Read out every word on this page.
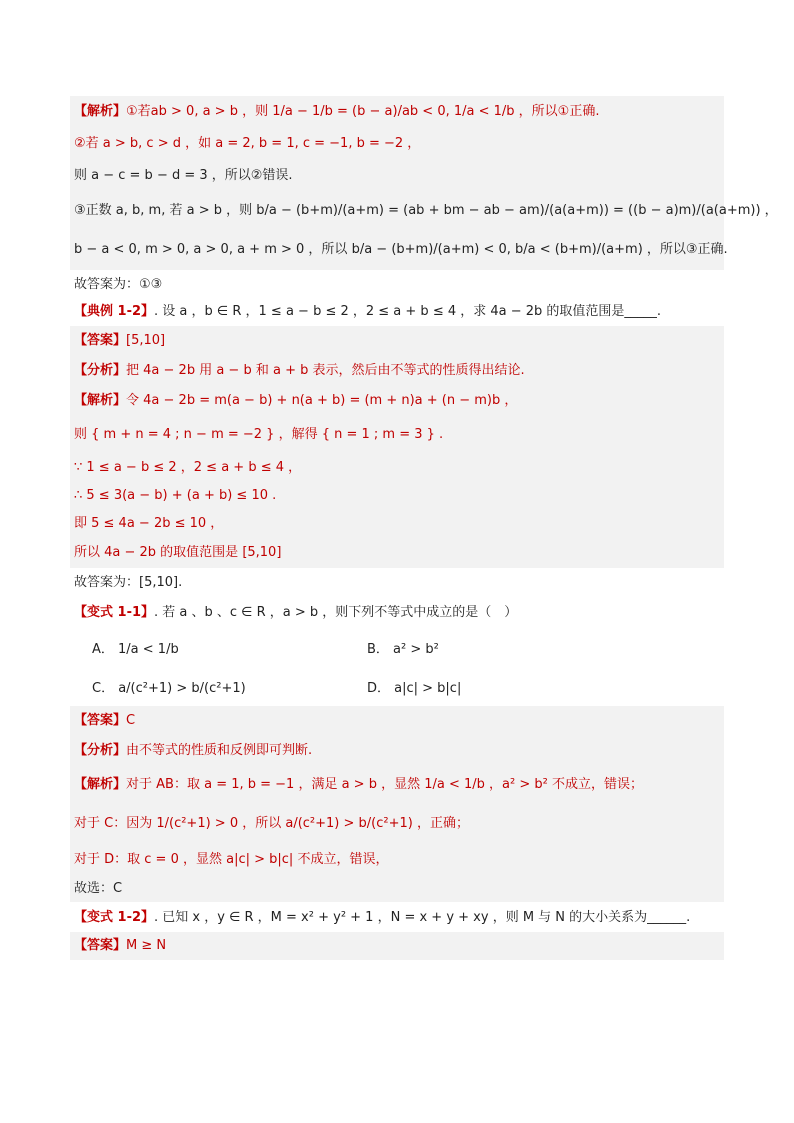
【解析】①若ab > 0, a > b ，则 1/a − 1/b = (b − a)/ab < 0, 1/a < 1/b ，所以①正确.
②若 a > b, c > d ，如 a = 2, b = 1, c = −1, b = −2 ，
则 a − c = b − d = 3 ，所以②错误.
③正数 a, b, m, 若 a > b ，则 b/a − (b+m)/(a+m) = (ab + bm − ab − am)/(a(a+m)) = ((b − a)m)/(a(a+m)) ，
b − a < 0, m > 0, a > 0, a + m > 0 ，所以 b/a − (b+m)/(a+m) < 0, b/a < (b+m)/(a+m) ，所以③正确.
故答案为：①③
【典例 1-2】. 设 a ，b ∈ R ，1 ≤ a − b ≤ 2 ，2 ≤ a + b ≤ 4 ，求 4a − 2b 的取值范围是_____.
【答案】[5,10]
【分析】把 4a − 2b 用 a − b 和 a + b 表示，然后由不等式的性质得出结论.
【解析】令 4a − 2b = m(a − b) + n(a + b) = (m + n)a + (n − m)b ，
则 { m + n = 4 ; n − m = −2 } ，解得 { n = 1 ; m = 3 } .
∵ 1 ≤ a − b ≤ 2 ，2 ≤ a + b ≤ 4 ，
∴ 5 ≤ 3(a − b) + (a + b) ≤ 10 .
即 5 ≤ 4a − 2b ≤ 10 ，
所以 4a − 2b 的取值范围是 [5,10]
故答案为：[5,10].
【变式 1-1】. 若 a 、b 、c ∈ R ，a > b ，则下列不等式中成立的是（　）
A． 1/a < 1/b	B． a² > b²
C． a/(c²+1) > b/(c²+1)	D． a|c| > b|c|
【答案】C
【分析】由不等式的性质和反例即可判断.
【解析】对于 AB：取 a = 1, b = −1 ，满足 a > b ，显然 1/a < 1/b ，a² > b² 不成立，错误；
对于 C：因为 1/(c²+1) > 0 ，所以 a/(c²+1) > b/(c²+1) ，正确；
对于 D：取 c = 0 ，显然 a|c| > b|c| 不成立，错误，
故选：C
【变式 1-2】. 已知 x ，y ∈ R ，M = x² + y² + 1 ，N = x + y + xy ，则 M 与 N 的大小关系为______.
【答案】M ≥ N
